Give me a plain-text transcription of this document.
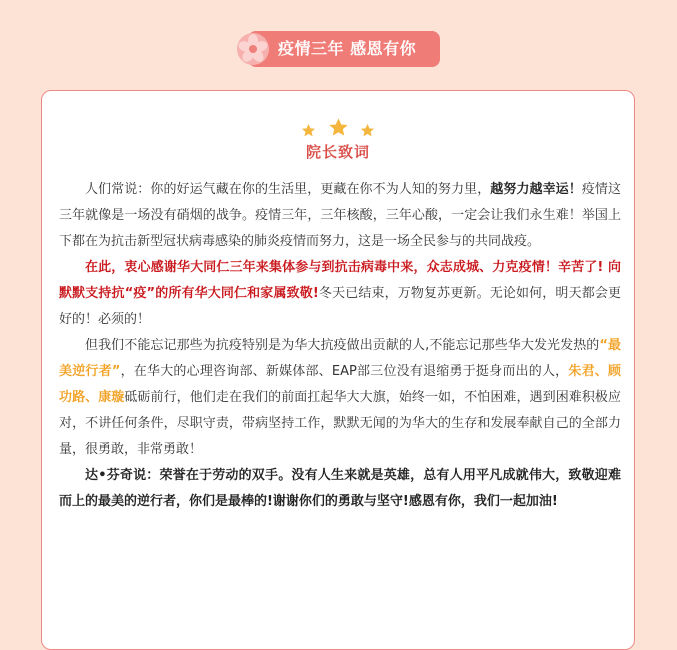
疫情三年 感恩有你

院长致词

人们常说：你的好运气藏在你的生活里，更藏在你不为人知的努力里，越努力越幸运！疫情这三年就像是一场没有硝烟的战争。疫情三年，三年核酸，三年心酸，一定会让我们永生难！举国上下都在为抗击新型冠状病毒感染的肺炎疫情而努力，这是一场全民参与的共同战疫。

在此，衷心感谢华大同仁三年来集体参与到抗击病毒中来，众志成城、力克疫情！辛苦了! 向默默支持抗“疫”的所有华大同仁和家属致敬!冬天已结束，万物复苏更新。无论如何，明天都会更好的！必须的！

但我们不能忘记那些为抗疫特别是为华大抗疫做出贡献的人,不能忘记那些华大发光发热的“最美逆行者”，在华大的心理咨询部、新媒体部、EAP部三位没有退缩勇于挺身而出的人，朱君、顾功路、康璇砥砺前行，他们走在我们的前面扛起华大大旗，始终一如，不怕困难，遇到困难积极应对，不讲任何条件，尽职守责，带病坚持工作，默默无闻的为华大的生存和发展奉献自己的全部力量，很勇敢，非常勇敢！

达•芬奇说：荣誉在于劳动的双手。没有人生来就是英雄，总有人用平凡成就伟大，致敬迎难而上的最美的逆行者，你们是最棒的!谢谢你们的勇敢与坚守!感恩有你，我们一起加油!
